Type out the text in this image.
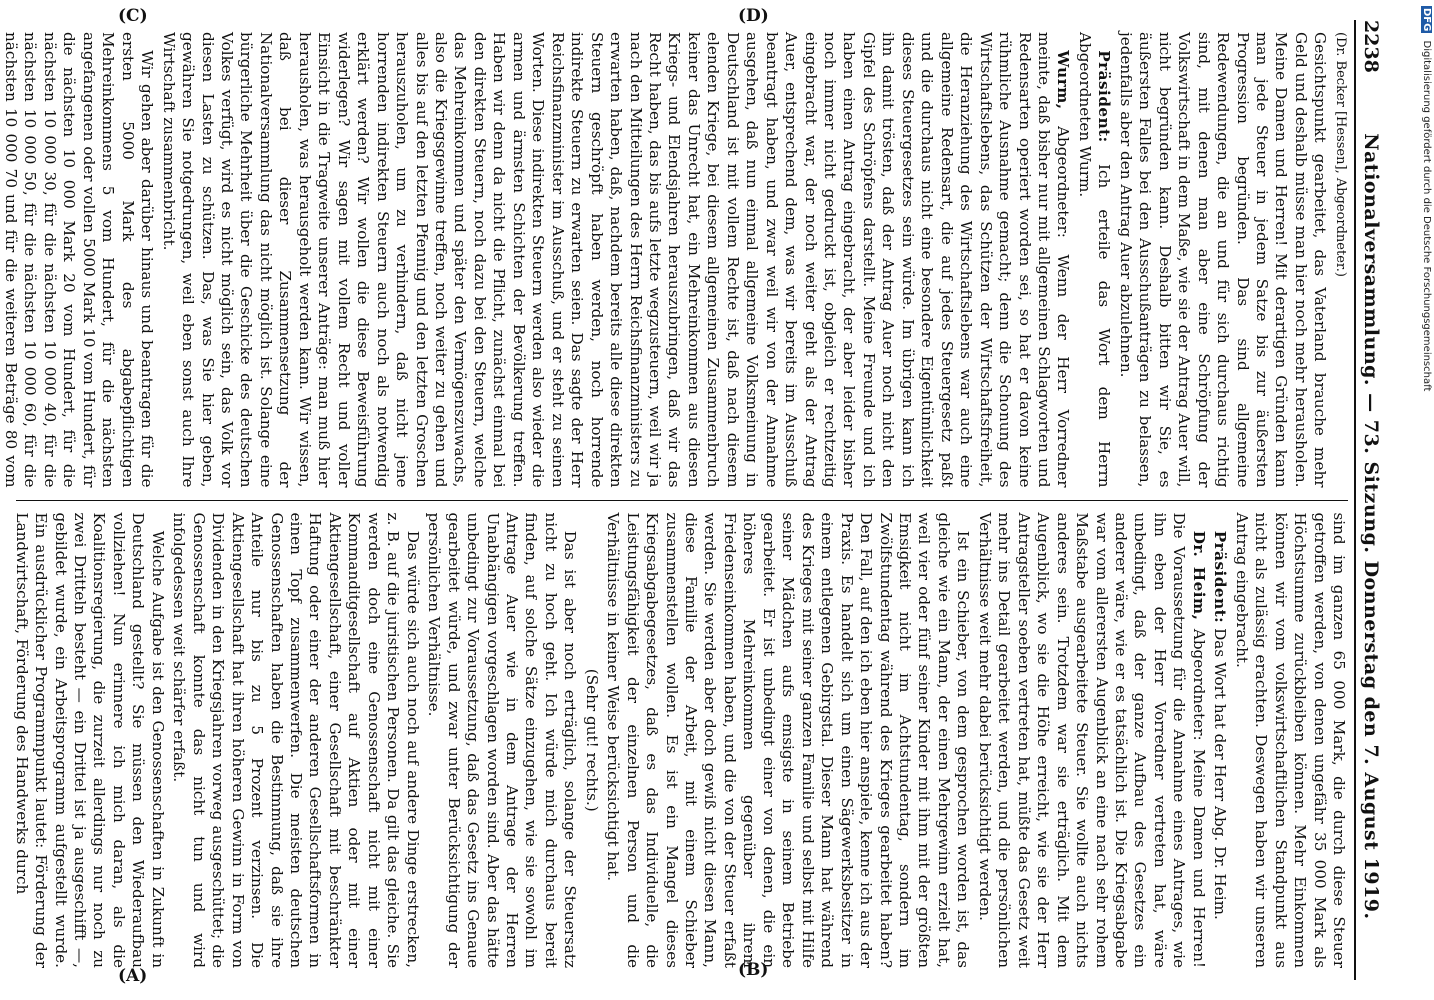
2238
Nationalversammlung. — 73. Sitzung. Donnerstag den 7. August 1919.

(Dr. Becker [Hessen], Abgeordneter.)

Gesichtspunkt gearbeitet, das Vaterland brauche mehr Geld und deshalb müsse man hier noch mehr herausholen. Meine Damen und Herren! Mit derartigen Gründen kann man jede Steuer in jedem Satze bis zur äußersten Progression begründen. Das sind allgemeine Redewendungen, die an und für sich durchaus richtig sind, mit denen man aber eine Schröpfung der Volkswirtschaft in dem Maße, wie sie der Antrag Auer will, nicht begründen kann. Deshalb bitten wir Sie, es äußersten Falles bei den Ausschußanträgen zu belassen, jedenfalls aber den Antrag Auer abzulehnen.

Präsident: Ich erteile das Wort dem Herrn Abgeordneten Wurm.

Wurm, Abgeordneter: Wenn der Herr Vorredner meinte, daß bisher nur mit allgemeinen Schlagworten und Redensarten operiert worden sei, so hat er davon keine rühmliche Ausnahme gemacht; denn die Schonung des Wirtschaftslebens, das Schützen der Wirtschaftsfreiheit, die Heranziehung des Wirtschaftslebens war auch eine allgemeine Redensart, die auf jedes Steuergesetz paßt und die durchaus nicht eine besondere Eigentümlichkeit dieses Steuergesetzes sein würde. Im übrigen kann ich ihn damit trösten, daß der Antrag Auer noch nicht den Gipfel des Schröpfens darstellt. Meine Freunde und ich haben einen Antrag eingebracht, der aber leider bisher noch immer nicht gedruckt ist, obgleich er rechtzeitig eingebracht war, der noch weiter geht als der Antrag Auer, entsprechend dem, was wir bereits im Ausschuß beantragt haben, und zwar weil wir von der Annahme ausgehen, daß nun einmal allgemeine Volksmeinung in Deutschland ist mit vollem Rechte ist, daß nach diesem elenden Kriege, bei diesem allgemeinen Zusammenbruch keiner das Unrecht hat, ein Mehreinkommen aus diesen Kriegs- und Elendsjahren herauszubringen, daß wir das Recht haben, das bis aufs letzte wegzusteuern, weil wir ja nach den Mitteilungen des Herrn Reichsfinanzministers zu erwarten haben, daß, nachdem bereits alle diese direkten Steuern geschröpft haben werden, noch horrende indirekte Steuern zu erwarten seien. Das sagte der Herr Reichsfinanzminister im Ausschuß, und er steht zu seinen Worten. Diese indirekten Steuern werden also wieder die armen und ärmsten Schichten der Bevölkerung treffen. Haben wir denn da nicht die Pflicht, zunächst einmal bei den direkten Steuern, noch dazu bei den Steuern, welche das Mehreinkommen und später den Vermögenszuwachs, also die Kriegsgewinne treffen, noch weiter zu gehen und alles bis auf den letzten Pfennig und den letzten Groschen herauszuholen, um zu verhindern, daß nicht jene horrenden indirekten Steuern auch noch als notwendig erklärt werden? Wir wollen die diese Beweisführung widerlegen? Wir sagen mit vollem Recht und voller Einsicht in die Tragweite unserer Anträge: man muß hier herausholen, was herausgeholt werden kann. Wir wissen, daß bei dieser Zusammensetzung der Nationalversammlung das nicht möglich ist. Solange eine bürgerliche Mehrheit über die Geschicke des deutschen Volkes verfügt, wird es nicht möglich sein, das Volk vor diesen Lasten zu schützen. Das, was Sie hier geben, gewähren Sie notgedrungen, weil eben sonst auch Ihre Wirtschaft zusammenbricht.

Wir gehen aber darüber hinaus und beantragen für die ersten 5000 Mark des abgabepflichtigen Mehreinkommens 5 vom Hundert, für die nächsten angefangenen oder vollen 5000 Mark 10 vom Hundert, für die nächsten 10 000 Mark 20 vom Hundert, für die nächsten 10 000 30, für die nächsten 10 000 40, für die nächsten 10 000 50, für die nächsten 10 000 60, für die nächsten 10 000 70 und für die weiteren Beträge 80 vom

sind im ganzen 65 000 Mark, die durch diese Steuer getroffen werden, von denen ungefähr 35 000 Mark als Höchstsumme zurückbleiben können. Mehr Einkommen können wir vom volkswirtschaftlichen Standpunkt aus nicht als zulässig erachten. Deswegen haben wir unseren Antrag eingebracht.

Präsident: Das Wort hat der Herr Abg. Dr. Heim.

Dr. Heim, Abgeordneter: Meine Damen und Herren! Die Voraussetzung für die Annahme eines Antrages, wie ihn eben der Herr Vorredner vertreten hat, wäre unbedingt, daß der ganze Aufbau des Gesetzes ein anderer wäre, wie er es tatsächlich ist. Die Kriegsabgabe war vom allerersten Augenblick an eine nach sehr rohem Maßstabe ausgearbeitete Steuer. Sie wollte auch nichts anderes sein. Trotzdem war sie erträglich. Mit dem Augenblick, wo sie die Höhe erreicht, wie sie der Herr Antragsteller soeben vertreten hat, müßte das Gesetz weit mehr ins Detail gearbeitet werden, und die persönlichen Verhältnisse weit mehr dabei berücksichtigt werden.

Ist ein Schieber, von dem gesprochen worden ist, das gleiche wie ein Mann, der einen Mehrgewinn erzielt hat, weil vier oder fünf seiner Kinder mit ihm mit der größten Emsigkeit nicht im Achtstundentag, sondern im Zwölfstundentag während des Krieges gearbeitet haben? Den Fall, auf den ich eben hier anspiele, kenne ich aus der Praxis. Es handelt sich um einen Sägewerksbesitzer in einem entlegenen Gebirgstal. Dieser Mann hat während des Krieges mit seiner ganzen Familie und selbst mit Hilfe seiner Mädchen aufs emsigste in seinem Betriebe gearbeitet. Er ist unbedingt einer von denen, die ein höheres Mehreinkommen gegenüber ihrem Friedenseinkommen haben, und die von der Steuer erfaßt werden. Sie werden aber doch gewiß nicht diesen Mann, diese Familie der Arbeit, mit einem Schieber zusammenstellen wollen. Es ist ein Mangel dieses Kriegsabgabegesetzes, daß es das Individuelle, die Leistungsfähigkeit der einzelnen Person und die Verhältnisse in keiner Weise berücksichtigt hat.

(Sehr gut! rechts.)

Das ist aber noch erträglich, solange der Steuersatz nicht zu hoch geht. Ich würde mich durchaus bereit finden, auf solche Sätze einzugehen, wie sie sowohl im Antrage Auer wie in dem Antrage der Herren Unabhängigen vorgeschlagen worden sind. Aber das hätte unbedingt zur Voraussetzung, daß das Gesetz ins Genaue gearbeitet würde, und zwar unter Berücksichtigung der persönlichen Verhältnisse.

Das würde sich auch noch auf andere Dinge erstrecken, z. B. auf die juristischen Personen. Da gilt das gleiche. Sie werden doch eine Genossenschaft nicht mit einer Kommanditgesellschaft auf Aktien oder mit einer Aktiengesellschaft, einer Gesellschaft mit beschränkter Haftung oder einer der anderen Gesellschaftsformen in einen Topf zusammenwerfen. Die meisten deutschen Genossenschaften haben die Bestimmung, daß sie ihre Anteile nur bis zu 5 Prozent verzinsen. Die Aktiengesellschaft hat ihren höheren Gewinn in Form von Dividenden in den Kriegsjahren vorweg ausgeschüttet; die Genossenschaft konnte das nicht tun und wird infolgedessen weit schärfer erfaßt.

Welche Aufgabe ist den Genossenschaften in Zukunft in Deutschland gestellt? Sie müssen den Wiederaufbau vollziehen! Nun erinnere ich mich daran, als die Koalitionsregierung, die zurzeit allerdings nur noch zu zwei Dritteln besteht — ein Drittel ist ja ausgeschifft —, gebildet wurde, ein Arbeitsprogramm aufgestellt wurde. Ein ausdrücklicher Programmpunkt lautet: Förderung der Landwirtschaft, Förderung des Handwerks durch

(A)	(B)
(C)	(D)	DFG Digitalisierung gefördert durch die Deutsche Forschungsgemeinschaft
